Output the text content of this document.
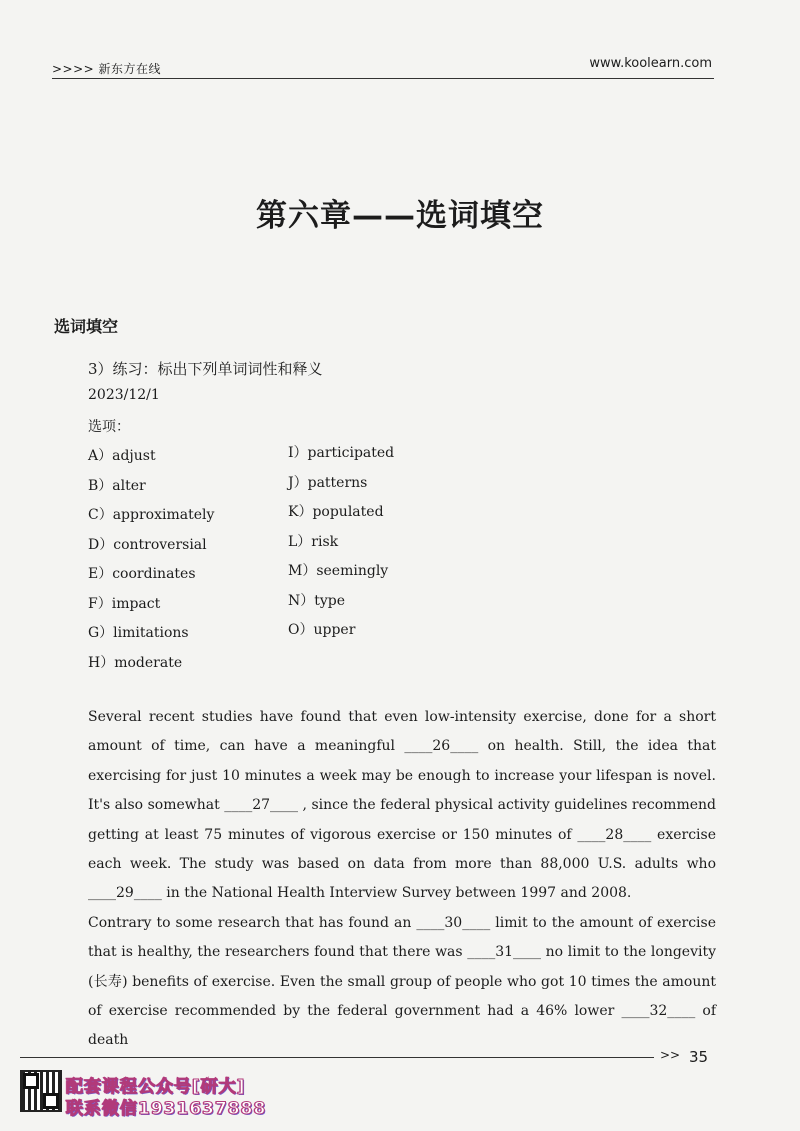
>>>> 新东方在线	www.koolearn.com
第六章——选词填空
选词填空
3）练习：标出下列单词词性和释义
2023/12/1
选项：
A）adjust
B）alter
C）approximately
D）controversial
E）coordinates
F）impact
G）limitations
H）moderate
I）participated
J）patterns
K）populated
L）risk
M）seemingly
N）type
O）upper

Several recent studies have found that even low-intensity exercise, done for a short amount of time, can have a meaningful ____26____ on health. Still, the idea that exercising for just 10 minutes a week may be enough to increase your lifespan is novel. It's also somewhat ____27____ , since the federal physical activity guidelines recommend getting at least 75 minutes of vigorous exercise or 150 minutes of ____28____ exercise each week. The study was based on data from more than 88,000 U.S. adults who ____29____ in the National Health Interview Survey between 1997 and 2008.

Contrary to some research that has found an ____30____ limit to the amount of exercise that is healthy, the researchers found that there was ____31____ no limit to the longevity (长寿) benefits of exercise. Even the small group of people who got 10 times the amount of exercise recommended by the federal government had a 46% lower ____32____ of death

>> 35
配套课程公众号[研大]
联系微信1931637888
